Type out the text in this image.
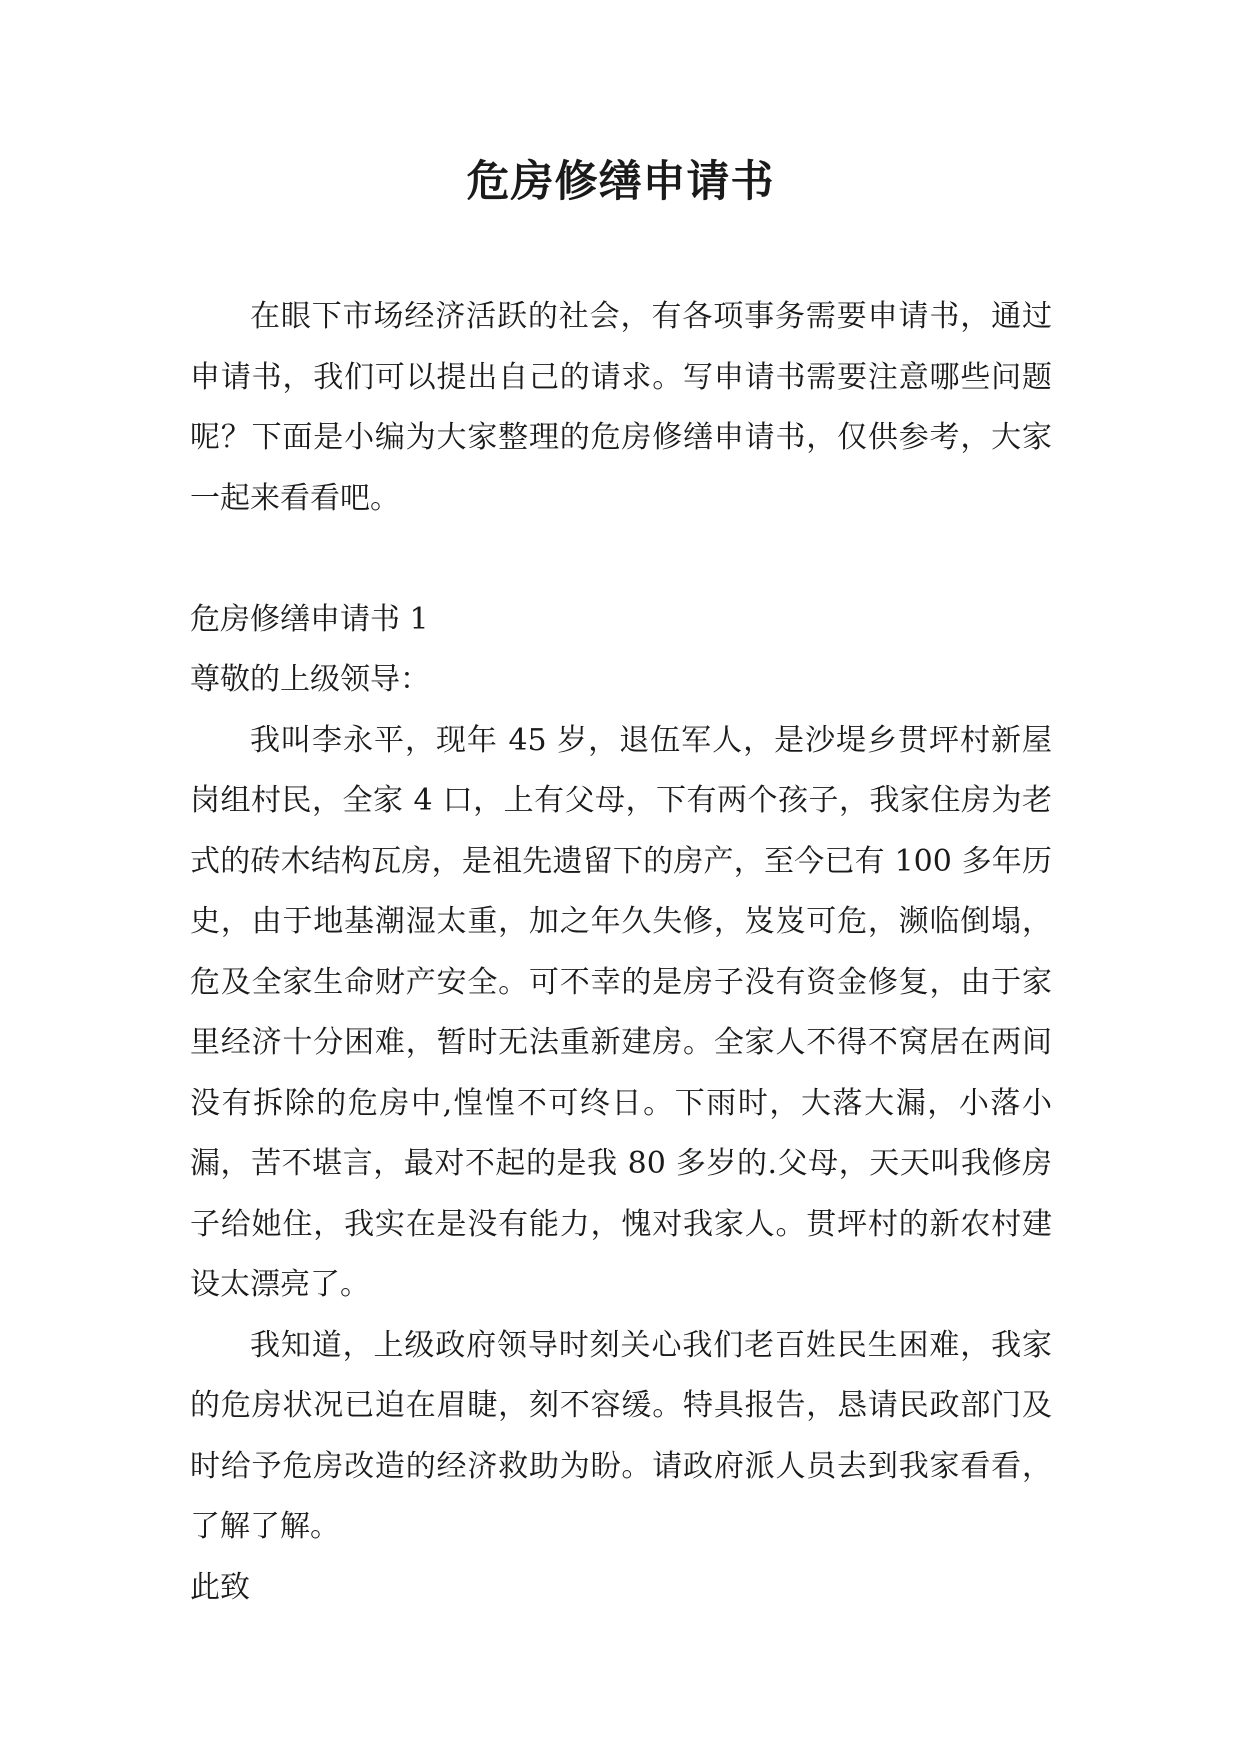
危房修缮申请书

在眼下市场经济活跃的社会，有各项事务需要申请书，通过申请书，我们可以提出自己的请求。写申请书需要注意哪些问题呢？下面是小编为大家整理的危房修缮申请书，仅供参考，大家一起来看看吧。

危房修缮申请书 1

尊敬的上级领导：

我叫李永平，现年 45 岁，退伍军人，是沙堤乡贯坪村新屋岗组村民，全家 4 口，上有父母，下有两个孩子，我家住房为老式的砖木结构瓦房，是祖先遗留下的房产，至今已有 100 多年历史，由于地基潮湿太重，加之年久失修，岌岌可危，濒临倒塌，危及全家生命财产安全。可不幸的是房子没有资金修复，由于家里经济十分困难，暂时无法重新建房。全家人不得不窝居在两间没有拆除的危房中,惶惶不可终日。下雨时，大落大漏，小落小漏，苦不堪言，最对不起的是我 80 多岁的.父母，天天叫我修房子给她住，我实在是没有能力，愧对我家人。贯坪村的新农村建设太漂亮了。

我知道，上级政府领导时刻关心我们老百姓民生困难，我家的危房状况已迫在眉睫，刻不容缓。特具报告，恳请民政部门及时给予危房改造的经济救助为盼。请政府派人员去到我家看看，了解了解。

此致
